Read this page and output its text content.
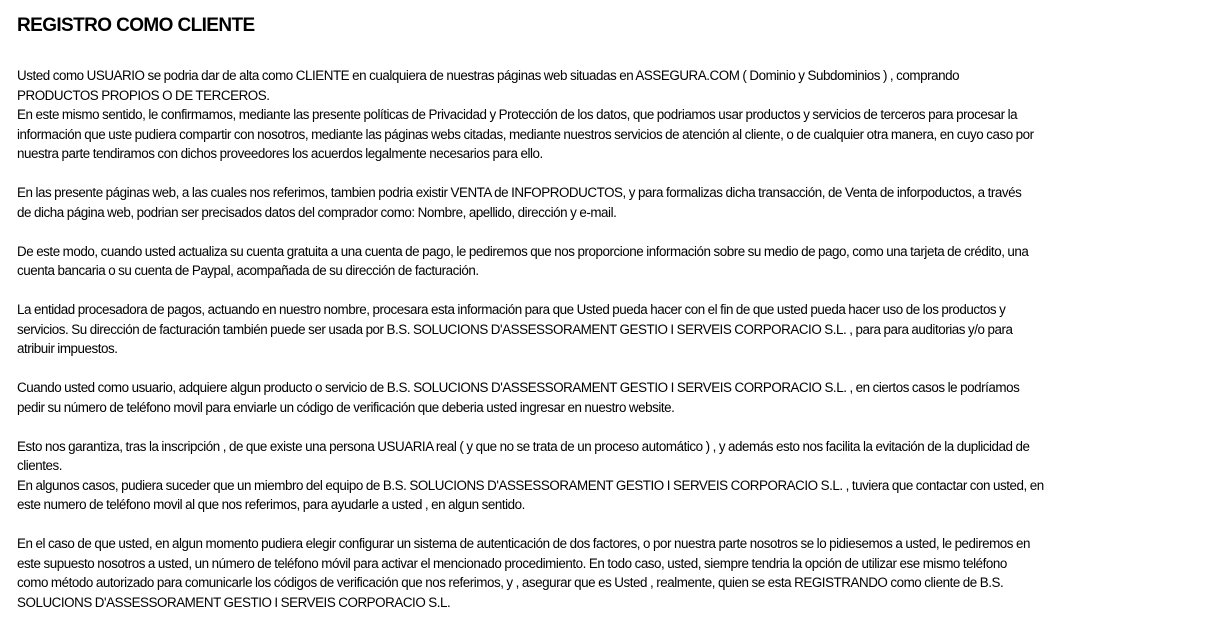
REGISTRO COMO CLIENTE
Usted como USUARIO se podria dar de alta como CLIENTE en cualquiera de nuestras páginas web situadas en ASSEGURA.COM ( Dominio y Subdominios ) , comprando
PRODUCTOS PROPIOS O DE TERCEROS.
En este mismo sentido, le confirmamos, mediante las presente políticas de Privacidad y Protección de los datos, que podriamos usar productos y servicios de terceros para procesar la
información que uste pudiera compartir con nosotros, mediante las páginas webs citadas, mediante nuestros servicios de atención al cliente, o de cualquier otra manera, en cuyo caso por
nuestra parte tendiramos con dichos proveedores los acuerdos legalmente necesarios para ello.
En las presente páginas web, a las cuales nos referimos, tambien podria existir VENTA de INFOPRODUCTOS, y para formalizas dicha transacción, de Venta de inforpoductos, a través
de dicha página web, podrian ser precisados datos del comprador como: Nombre, apellido, dirección y e-mail.
De este modo, cuando usted actualiza su cuenta gratuita a una cuenta de pago, le pediremos que nos proporcione información sobre su medio de pago, como una tarjeta de crédito, una
cuenta bancaria o su cuenta de Paypal, acompañada de su dirección de facturación.
La entidad procesadora de pagos, actuando en nuestro nombre, procesara esta información para que Usted pueda hacer con el fin de que usted pueda hacer uso de los productos y
servicios. Su dirección de facturación también puede ser usada por B.S. SOLUCIONS D'ASSESSORAMENT GESTIO I SERVEIS CORPORACIO S.L. , para para auditorias y/o para
atribuir impuestos.
Cuando usted como usuario, adquiere algun producto o servicio de B.S. SOLUCIONS D'ASSESSORAMENT GESTIO I SERVEIS CORPORACIO S.L. , en ciertos casos le podríamos
pedir su número de teléfono movil para enviarle un código de verificación que deberia usted ingresar en nuestro website.
Esto nos garantiza, tras la inscripción , de que existe una persona USUARIA real ( y que no se trata de un proceso automático ) , y además esto nos facilita la evitación de la duplicidad de
clientes.
En algunos casos, pudiera suceder que un miembro del equipo de B.S. SOLUCIONS D'ASSESSORAMENT GESTIO I SERVEIS CORPORACIO S.L. , tuviera que contactar con usted, en
este numero de teléfono movil al que nos referimos, para ayudarle a usted , en algun sentido.
En el caso de que usted, en algun momento pudiera elegir configurar un sistema de autenticación de dos factores, o por nuestra parte nosotros se lo pidiesemos a usted, le pediremos en
este supuesto nosotros a usted, un número de teléfono móvil para activar el mencionado procedimiento. En todo caso, usted, siempre tendria la opción de utilizar ese mismo teléfono
como método autorizado para comunicarle los códigos de verificación que nos referimos, y , asegurar que es Usted , realmente, quien se esta REGISTRANDO como cliente de B.S.
SOLUCIONS D'ASSESSORAMENT GESTIO I SERVEIS CORPORACIO S.L.
